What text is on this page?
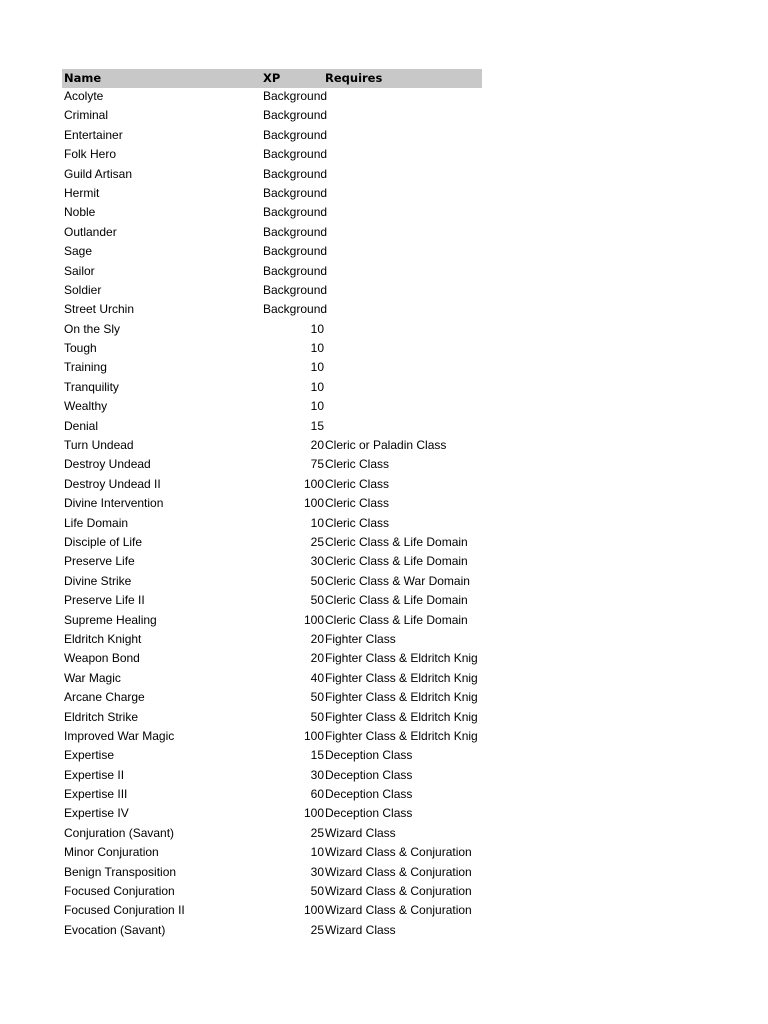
Name	XP	Requires
Acolyte	Background
Criminal	Background
Entertainer	Background
Folk Hero	Background
Guild Artisan	Background
Hermit	Background
Noble	Background
Outlander	Background
Sage	Background
Sailor	Background
Soldier	Background
Street Urchin	Background
On the Sly	10
Tough	10
Training	10
Tranquility	10
Wealthy	10
Denial	15
Turn Undead	20 Cleric or Paladin Class
Destroy Undead	75 Cleric Class
Destroy Undead II	100 Cleric Class
Divine Intervention	100 Cleric Class
Life Domain	10 Cleric Class
Disciple of Life	25 Cleric Class & Life Domain
Preserve Life	30 Cleric Class & Life Domain
Divine Strike	50 Cleric Class & War Domain
Preserve Life II	50 Cleric Class & Life Domain
Supreme Healing	100 Cleric Class & Life Domain
Eldritch Knight	20 Fighter Class
Weapon Bond	20 Fighter Class & Eldritch Knig
War Magic	40 Fighter Class & Eldritch Knig
Arcane Charge	50 Fighter Class & Eldritch Knig
Eldritch Strike	50 Fighter Class & Eldritch Knig
Improved War Magic	100 Fighter Class & Eldritch Knig
Expertise	15 Deception Class
Expertise II	30 Deception Class
Expertise III	60 Deception Class
Expertise IV	100 Deception Class
Conjuration (Savant)	25 Wizard Class
Minor Conjuration	10 Wizard Class & Conjuration
Benign Transposition	30 Wizard Class & Conjuration
Focused Conjuration	50 Wizard Class & Conjuration
Focused Conjuration II	100 Wizard Class & Conjuration
Evocation (Savant)	25 Wizard Class
